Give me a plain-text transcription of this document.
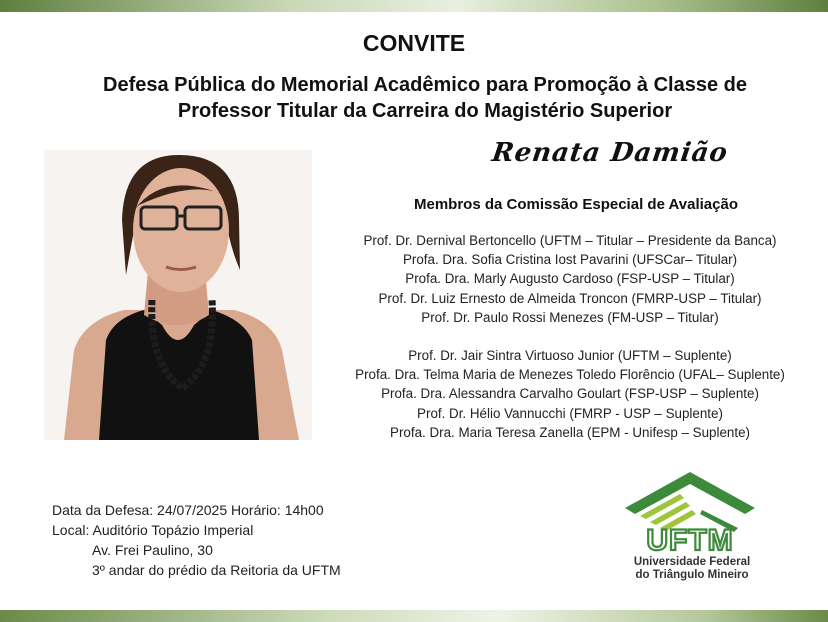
CONVITE
Defesa Pública do Memorial Acadêmico para Promoção à Classe de
Professor Titular da Carreira do Magistério Superior
Renata Damião
Membros da Comissão Especial de Avaliação
Prof. Dr. Dernival Bertoncello (UFTM – Titular – Presidente da Banca)
Profa. Dra. Sofia Cristina Iost Pavarini (UFSCar– Titular)
Profa. Dra. Marly Augusto Cardoso (FSP-USP – Titular)
Prof. Dr. Luiz Ernesto de Almeida Troncon (FMRP-USP – Titular)
Prof. Dr. Paulo Rossi Menezes (FM-USP – Titular)
Prof. Dr. Jair Sintra Virtuoso Junior (UFTM – Suplente)
Profa. Dra. Telma Maria de Menezes Toledo Florêncio (UFAL– Suplente)
Profa. Dra. Alessandra Carvalho Goulart (FSP-USP – Suplente)
Prof. Dr. Hélio Vannucchi (FMRP - USP – Suplente)
Profa. Dra. Maria Teresa Zanella (EPM - Unifesp – Suplente)
Data da Defesa: 24/07/2025 Horário: 14h00
Local: Auditório Topázio Imperial
Av. Frei Paulino, 30
3º andar do prédio da Reitoria da UFTM
UFTM
Universidade Federal
do Triângulo Mineiro
